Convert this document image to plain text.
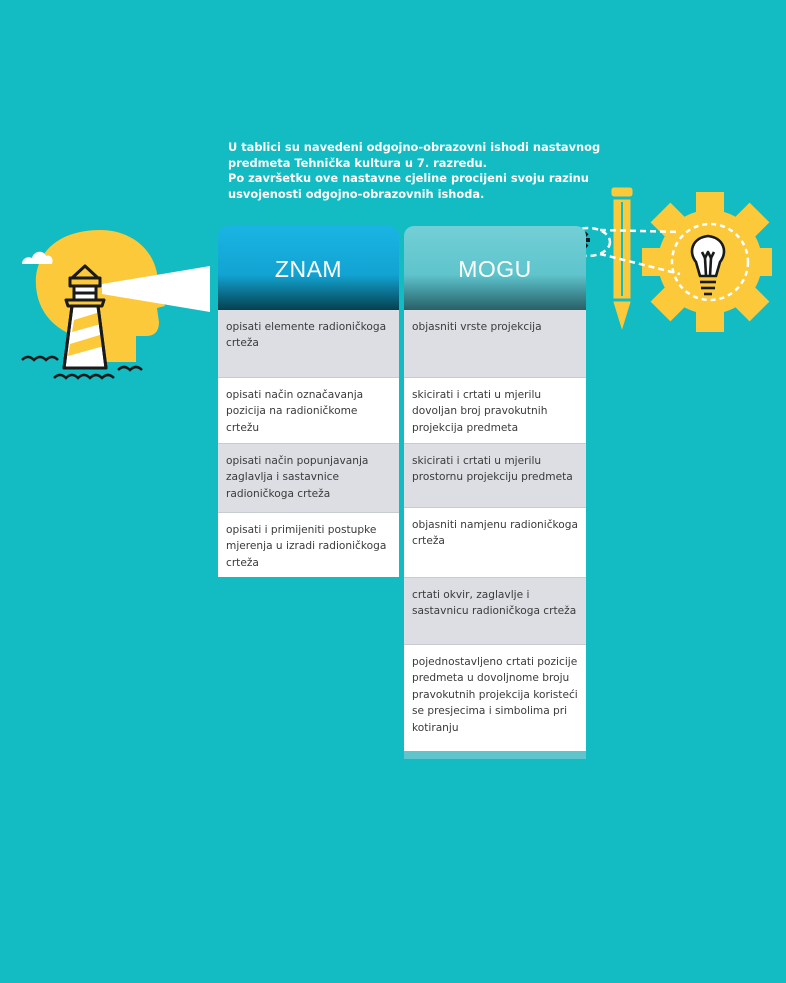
U tablici su navedeni odgojno-obrazovni ishodi nastavnog

predmeta Tehnička kultura u 7. razredu.

Po završetku ove nastavne cjeline procijeni svoju razinu

usvojenosti odgojno-obrazovnih ishoda.

ZNAM
opisati elemente radioničkoga crteža
opisati način označavanja pozicija na radioničkome crtežu
opisati način popunjavanja zaglavlja i sastavnice radioničkoga crteža
opisati i primijeniti postupke mjerenja u izradi radioničkoga crteža
MOGU
objasniti vrste projekcija
skicirati i crtati u mjerilu dovoljan broj pravokutnih projekcija predmeta
skicirati i crtati u mjerilu prostornu projekciju predmeta
objasniti namjenu radioničkoga crteža
crtati okvir, zaglavlje i sastavnicu radioničkoga crteža
pojednostavljeno crtati pozicije predmeta u dovoljnome broju pravokutnih projekcija koristeći se presjecima i simbolima pri kotiranju
